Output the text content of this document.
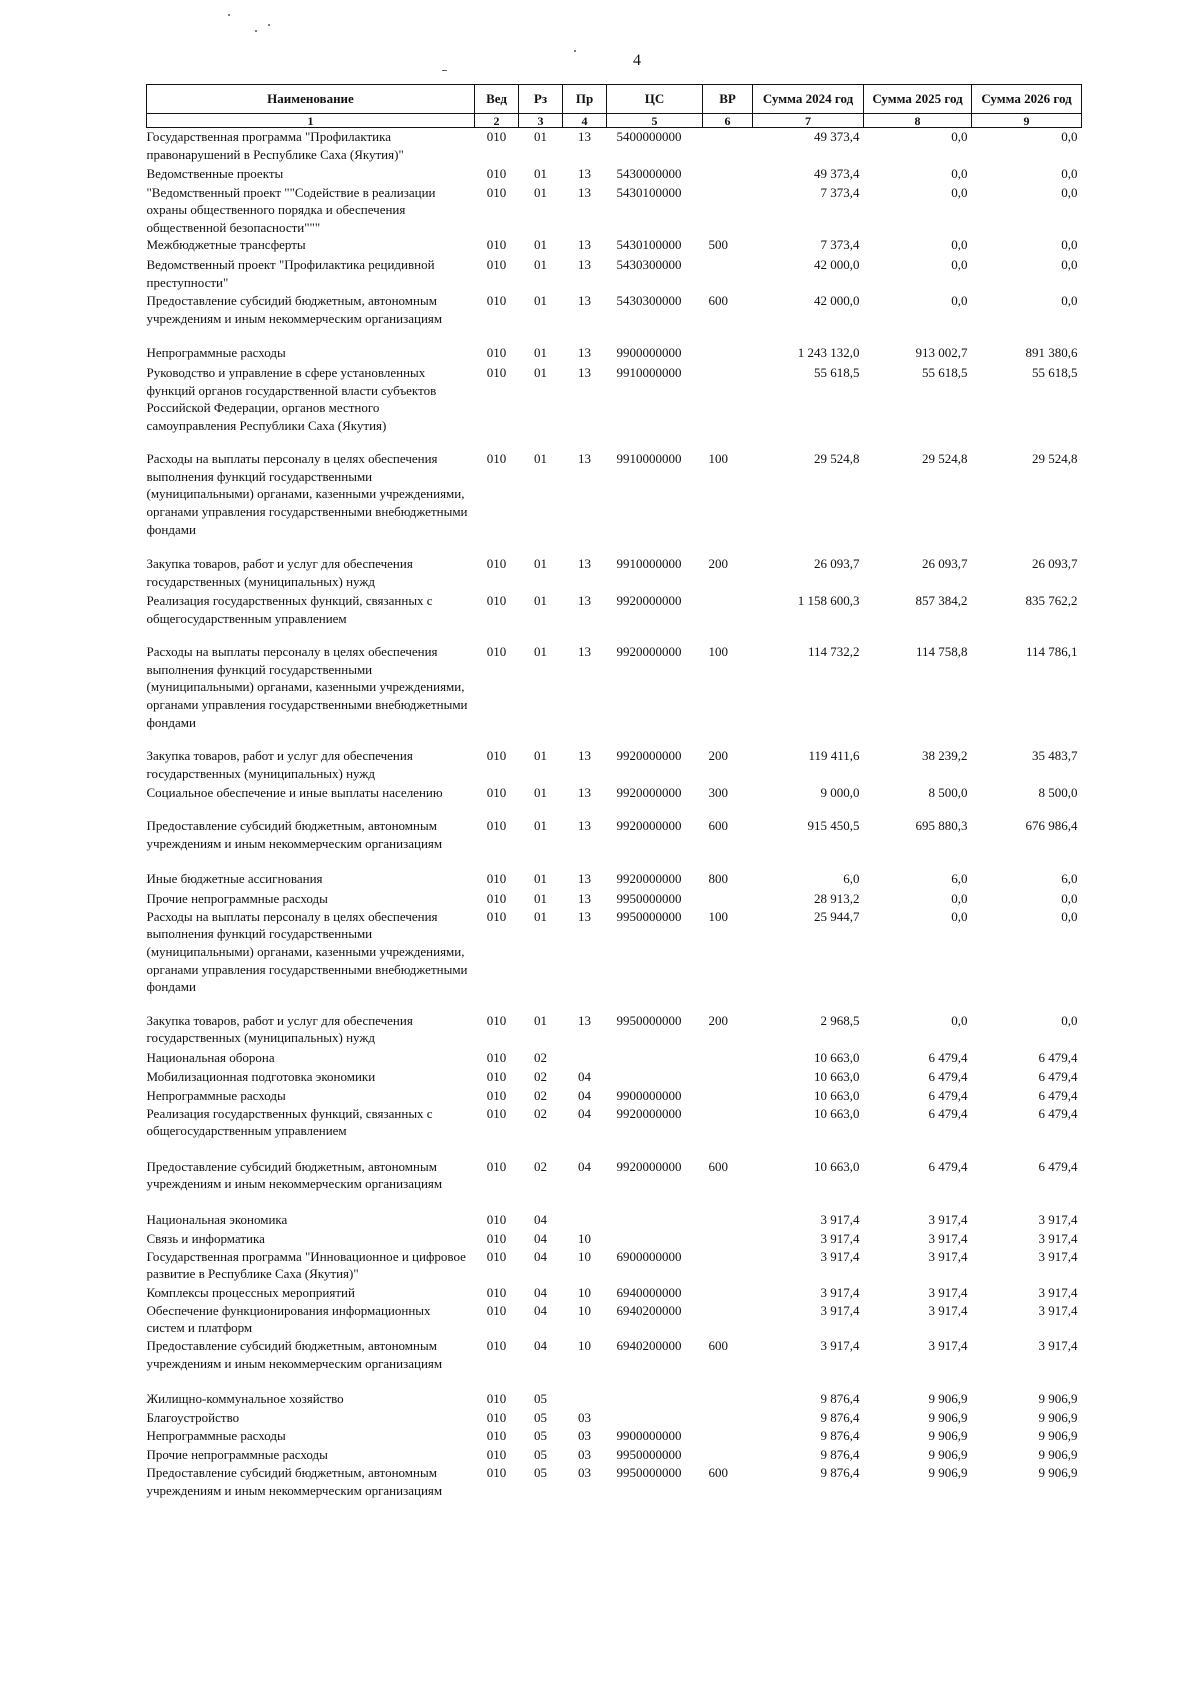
4
Наименование	Вед	Рз	Пр	ЦС	ВР	Сумма 2024 год	Сумма 2025 год	Сумма 2026 год
1	2	3	4	5	6	7	8	9
Государственная программа "Профилактика правонарушений в Республике Саха (Якутия)"	010	01	13	5400000000		49 373,4	0,0	0,0
Ведомственные проекты	010	01	13	5430000000		49 373,4	0,0	0,0
"Ведомственный проект ""Содействие в реализации охраны общественного порядка и обеспечения общественной безопасности"""	010	01	13	5430100000		7 373,4	0,0	0,0
Межбюджетные трансферты	010	01	13	5430100000	500	7 373,4	0,0	0,0
Ведомственный проект "Профилактика рецидивной преступности"	010	01	13	5430300000		42 000,0	0,0	0,0
Предоставление субсидий бюджетным, автономным учреждениям и иным некоммерческим организациям	010	01	13	5430300000	600	42 000,0	0,0	0,0
Непрограммные расходы	010	01	13	9900000000		1 243 132,0	913 002,7	891 380,6
Руководство и управление в сфере установленных функций органов государственной власти субъектов Российской Федерации, органов местного самоуправления Республики Саха (Якутия)	010	01	13	9910000000		55 618,5	55 618,5	55 618,5
Расходы на выплаты персоналу в целях обеспечения выполнения функций государственными (муниципальными) органами, казенными учреждениями, органами управления государственными внебюджетными фондами	010	01	13	9910000000	100	29 524,8	29 524,8	29 524,8
Закупка товаров, работ и услуг для обеспечения государственных (муниципальных) нужд	010	01	13	9910000000	200	26 093,7	26 093,7	26 093,7
Реализация государственных функций, связанных с общегосударственным управлением	010	01	13	9920000000		1 158 600,3	857 384,2	835 762,2
Расходы на выплаты персоналу в целях обеспечения выполнения функций государственными (муниципальными) органами, казенными учреждениями, органами управления государственными внебюджетными фондами	010	01	13	9920000000	100	114 732,2	114 758,8	114 786,1
Закупка товаров, работ и услуг для обеспечения государственных (муниципальных) нужд	010	01	13	9920000000	200	119 411,6	38 239,2	35 483,7
Социальное обеспечение и иные выплаты населению	010	01	13	9920000000	300	9 000,0	8 500,0	8 500,0
Предоставление субсидий бюджетным, автономным учреждениям и иным некоммерческим организациям	010	01	13	9920000000	600	915 450,5	695 880,3	676 986,4
Иные бюджетные ассигнования	010	01	13	9920000000	800	6,0	6,0	6,0
Прочие непрограммные расходы	010	01	13	9950000000		28 913,2	0,0	0,0
Расходы на выплаты персоналу в целях обеспечения выполнения функций государственными (муниципальными) органами, казенными учреждениями, органами управления государственными внебюджетными фондами	010	01	13	9950000000	100	25 944,7	0,0	0,0
Закупка товаров, работ и услуг для обеспечения государственных (муниципальных) нужд	010	01	13	9950000000	200	2 968,5	0,0	0,0
Национальная оборона	010	02				10 663,0	6 479,4	6 479,4
Мобилизационная подготовка экономики	010	02	04			10 663,0	6 479,4	6 479,4
Непрограммные расходы	010	02	04	9900000000		10 663,0	6 479,4	6 479,4
Реализация государственных функций, связанных с общегосударственным управлением	010	02	04	9920000000		10 663,0	6 479,4	6 479,4
Предоставление субсидий бюджетным, автономным учреждениям и иным некоммерческим организациям	010	02	04	9920000000	600	10 663,0	6 479,4	6 479,4
Национальная экономика	010	04				3 917,4	3 917,4	3 917,4
Связь и информатика	010	04	10			3 917,4	3 917,4	3 917,4
Государственная программа "Инновационное и цифровое развитие в Республике Саха (Якутия)"	010	04	10	6900000000		3 917,4	3 917,4	3 917,4
Комплексы процессных мероприятий	010	04	10	6940000000		3 917,4	3 917,4	3 917,4
Обеспечение функционирования информационных систем и платформ	010	04	10	6940200000		3 917,4	3 917,4	3 917,4
Предоставление субсидий бюджетным, автономным учреждениям и иным некоммерческим организациям	010	04	10	6940200000	600	3 917,4	3 917,4	3 917,4
Жилищно-коммунальное хозяйство	010	05				9 876,4	9 906,9	9 906,9
Благоустройство	010	05	03			9 876,4	9 906,9	9 906,9
Непрограммные расходы	010	05	03	9900000000		9 876,4	9 906,9	9 906,9
Прочие непрограммные расходы	010	05	03	9950000000		9 876,4	9 906,9	9 906,9
Предоставление субсидий бюджетным, автономным учреждениям и иным некоммерческим организациям	010	05	03	9950000000	600	9 876,4	9 906,9	9 906,9
